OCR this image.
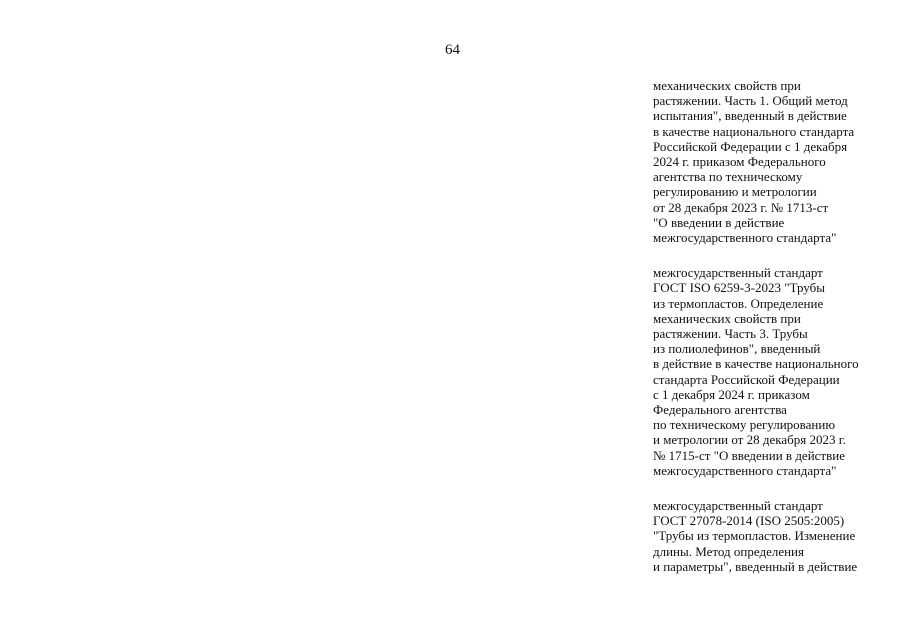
64
механических свойств при
растяжении. Часть 1. Общий метод
испытания", введенный в действие
в качестве национального стандарта
Российской Федерации с 1 декабря
2024 г. приказом Федерального
агентства по техническому
регулированию и метрологии
от 28 декабря 2023 г. № 1713-ст
"О введении в действие
межгосударственного стандарта"
межгосударственный стандарт
ГОСТ ISO 6259-3-2023 "Трубы
из термопластов. Определение
механических свойств при
растяжении. Часть 3. Трубы
из полиолефинов", введенный
в действие в качестве национального
стандарта Российской Федерации
с 1 декабря 2024 г. приказом
Федерального агентства
по техническому регулированию
и метрологии от 28 декабря 2023 г.
№ 1715-ст "О введении в действие
межгосударственного стандарта"
межгосударственный стандарт
ГОСТ 27078-2014 (ISO 2505:2005)
"Трубы из термопластов. Изменение
длины. Метод определения
и параметры", введенный в действие
